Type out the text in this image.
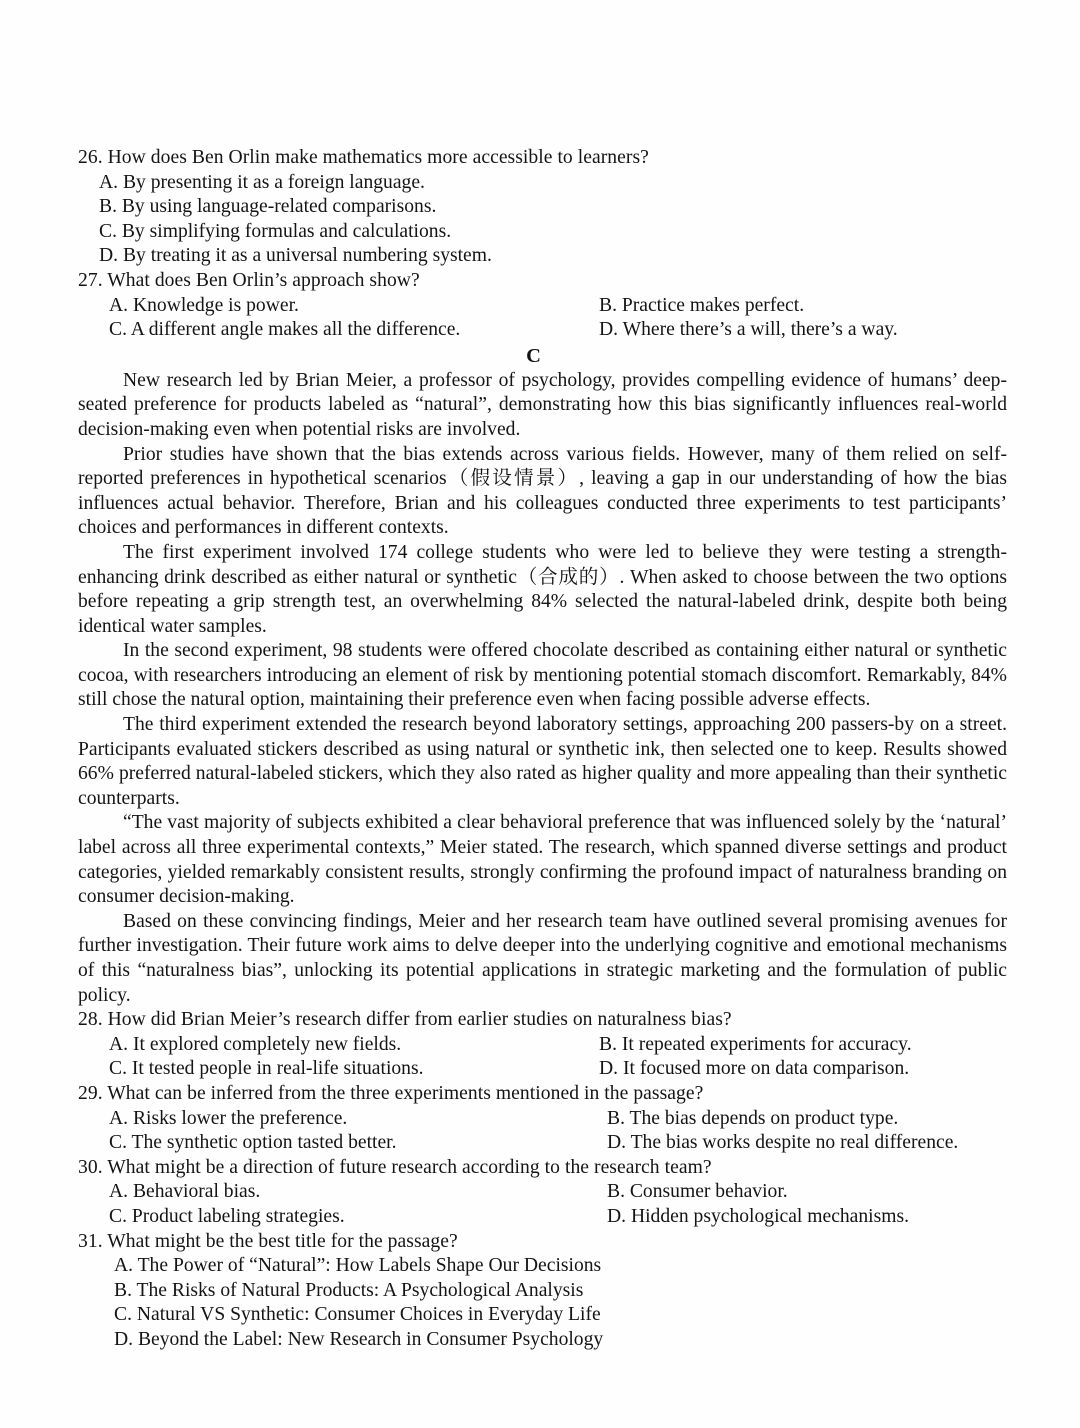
26. How does Ben Orlin make mathematics more accessible to learners?
A. By presenting it as a foreign language.
B. By using language-related comparisons.
C. By simplifying formulas and calculations.
D. By treating it as a universal numbering system.
27. What does Ben Orlin’s approach show?
A. Knowledge is power.	B. Practice makes perfect.
C. A different angle makes all the difference.	D. Where there’s a will, there’s a way.
C

New research led by Brian Meier, a professor of psychology, provides compelling evidence of humans’ deep-seated preference for products labeled as “natural”, demonstrating how this bias significantly influences real-world decision-making even when potential risks are involved.

Prior studies have shown that the bias extends across various fields. However, many of them relied on self-reported preferences in hypothetical scenarios（假设情景）, leaving a gap in our understanding of how the bias influences actual behavior. Therefore, Brian and his colleagues conducted three experiments to test participants’ choices and performances in different contexts.

The first experiment involved 174 college students who were led to believe they were testing a strength-enhancing drink described as either natural or synthetic（合成的）. When asked to choose between the two options before repeating a grip strength test, an overwhelming 84% selected the natural-labeled drink, despite both being identical water samples.

In the second experiment, 98 students were offered chocolate described as containing either natural or synthetic cocoa, with researchers introducing an element of risk by mentioning potential stomach discomfort. Remarkably, 84% still chose the natural option, maintaining their preference even when facing possible adverse effects.

The third experiment extended the research beyond laboratory settings, approaching 200 passers-by on a street. Participants evaluated stickers described as using natural or synthetic ink, then selected one to keep. Results showed 66% preferred natural-labeled stickers, which they also rated as higher quality and more appealing than their synthetic counterparts.

“The vast majority of subjects exhibited a clear behavioral preference that was influenced solely by the ‘natural’ label across all three experimental contexts,” Meier stated. The research, which spanned diverse settings and product categories, yielded remarkably consistent results, strongly confirming the profound impact of naturalness branding on consumer decision-making.

Based on these convincing findings, Meier and her research team have outlined several promising avenues for further investigation. Their future work aims to delve deeper into the underlying cognitive and emotional mechanisms of this “naturalness bias”, unlocking its potential applications in strategic marketing and the formulation of public policy.

28. How did Brian Meier’s research differ from earlier studies on naturalness bias?
A. It explored completely new fields.	B. It repeated experiments for accuracy.
C. It tested people in real-life situations.	D. It focused more on data comparison.
29. What can be inferred from the three experiments mentioned in the passage?
A. Risks lower the preference.	B. The bias depends on product type.
C. The synthetic option tasted better.	D. The bias works despite no real difference.
30. What might be a direction of future research according to the research team?
A. Behavioral bias.	B. Consumer behavior.
C. Product labeling strategies.	D. Hidden psychological mechanisms.
31. What might be the best title for the passage?
A. The Power of “Natural”: How Labels Shape Our Decisions
B. The Risks of Natural Products: A Psychological Analysis
C. Natural VS Synthetic: Consumer Choices in Everyday Life
D. Beyond the Label: New Research in Consumer Psychology
